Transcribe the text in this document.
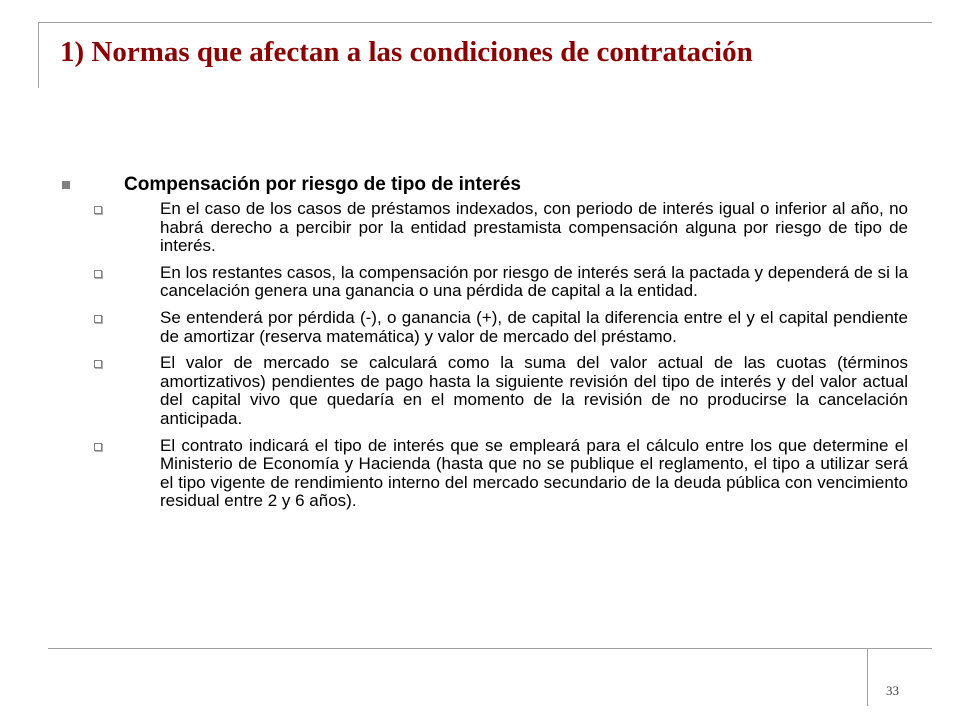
1) Normas que afectan a las condiciones de contratación
Compensación por riesgo de tipo de interés
En el caso de los casos de préstamos indexados, con periodo de interés igual o inferior al año, no habrá derecho a percibir por la entidad prestamista compensación alguna por riesgo de tipo de interés.
En los restantes casos, la compensación por riesgo de interés será la pactada y dependerá de si la cancelación genera una ganancia o una pérdida de capital a la entidad.
Se entenderá por pérdida (-), o ganancia (+), de capital la diferencia entre el y el capital pendiente de amortizar (reserva matemática) y valor de mercado del préstamo.
El valor de mercado se calculará como la suma del valor actual de las cuotas (términos amortizativos) pendientes de pago hasta la siguiente revisión del tipo de interés y del valor actual del capital vivo que quedaría en el momento de la revisión de no producirse la cancelación anticipada.
El contrato indicará el tipo de interés que se empleará para el cálculo entre los que determine el Ministerio de Economía y Hacienda (hasta que no se publique el reglamento, el tipo a utilizar será el tipo vigente de rendimiento interno del mercado secundario de la deuda pública con vencimiento residual entre 2 y 6 años).
33
